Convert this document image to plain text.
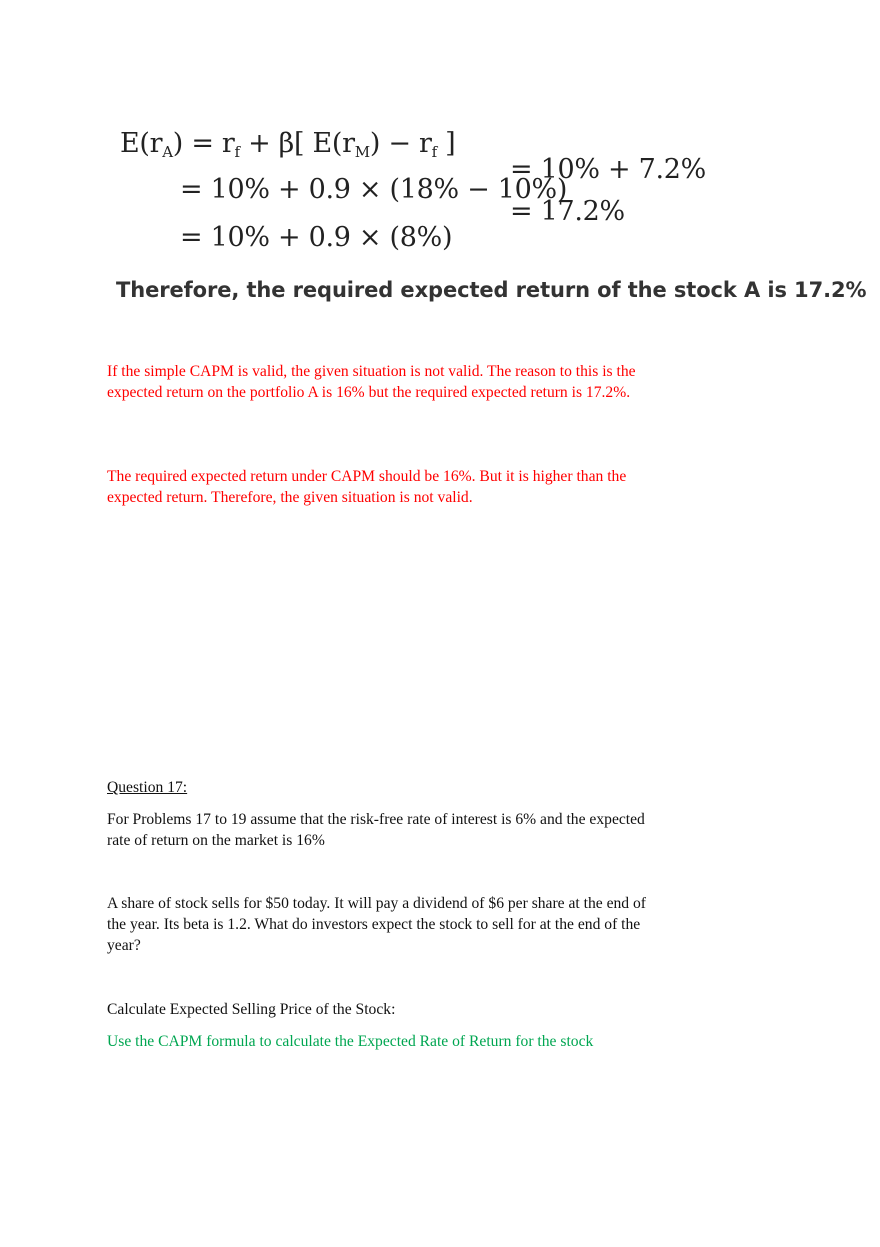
$E(r_A) = r_f + \beta$[ $E(r_M) - r_f$ ]
= 10% + 0.9 × (18% − 10%)
= 10% + 0.9 × (8%)
= 10% + 7.2%
= 17.2%
Therefore, the required expected return of the stock A is 17.2%
If the simple CAPM is valid, the given situation is not valid. The reason to this is the expected return on the portfolio A is 16% but the required expected return is 17.2%.
The required expected return under CAPM should be 16%. But it is higher than the expected return. Therefore, the given situation is not valid.
Question 17:
For Problems 17 to 19 assume that the risk-free rate of interest is 6% and the expected rate of return on the market is 16%
A share of stock sells for $50 today. It will pay a dividend of $6 per share at the end of the year. Its beta is 1.2. What do investors expect the stock to sell for at the end of the year?
Calculate Expected Selling Price of the Stock:
Use the CAPM formula to calculate the Expected Rate of Return for the stock
